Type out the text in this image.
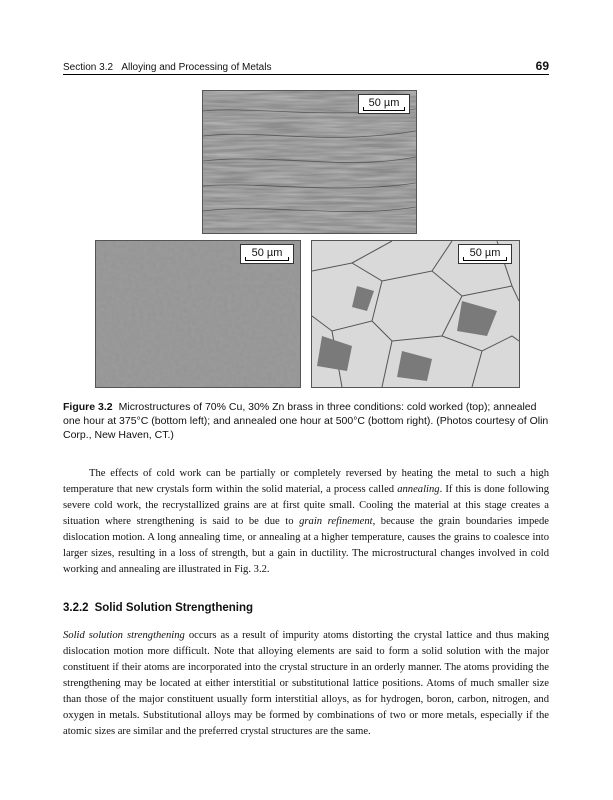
Section 3.2 Alloying and Processing of Metals	69
50 µm
50 µm	50 µm
Figure 3.2 Microstructures of 70% Cu, 30% Zn brass in three conditions: cold worked (top); annealed one hour at 375°C (bottom left); and annealed one hour at 500°C (bottom right). (Photos courtesy of Olin Corp., New Haven, CT.)
The effects of cold work can be partially or completely reversed by heating the metal to such a high temperature that new crystals form within the solid material, a process called annealing. If this is done following severe cold work, the recrystallized grains are at first quite small. Cooling the material at this stage creates a situation where strengthening is said to be due to grain refinement, because the grain boundaries impede dislocation motion. A long annealing time, or annealing at a higher temperature, causes the grains to coalesce into larger sizes, resulting in a loss of strength, but a gain in ductility. The microstructural changes involved in cold working and annealing are illustrated in Fig. 3.2.
3.2.2 Solid Solution Strengthening
Solid solution strengthening occurs as a result of impurity atoms distorting the crystal lattice and thus making dislocation motion more difficult. Note that alloying elements are said to form a solid solution with the major constituent if their atoms are incorporated into the crystal structure in an orderly manner. The atoms providing the strengthening may be located at either interstitial or substitutional lattice positions. Atoms of much smaller size than those of the major constituent usually form interstitial alloys, as for hydrogen, boron, carbon, nitrogen, and oxygen in metals. Substitutional alloys may be formed by combinations of two or more metals, especially if the atomic sizes are similar and the preferred crystal structures are the same.
